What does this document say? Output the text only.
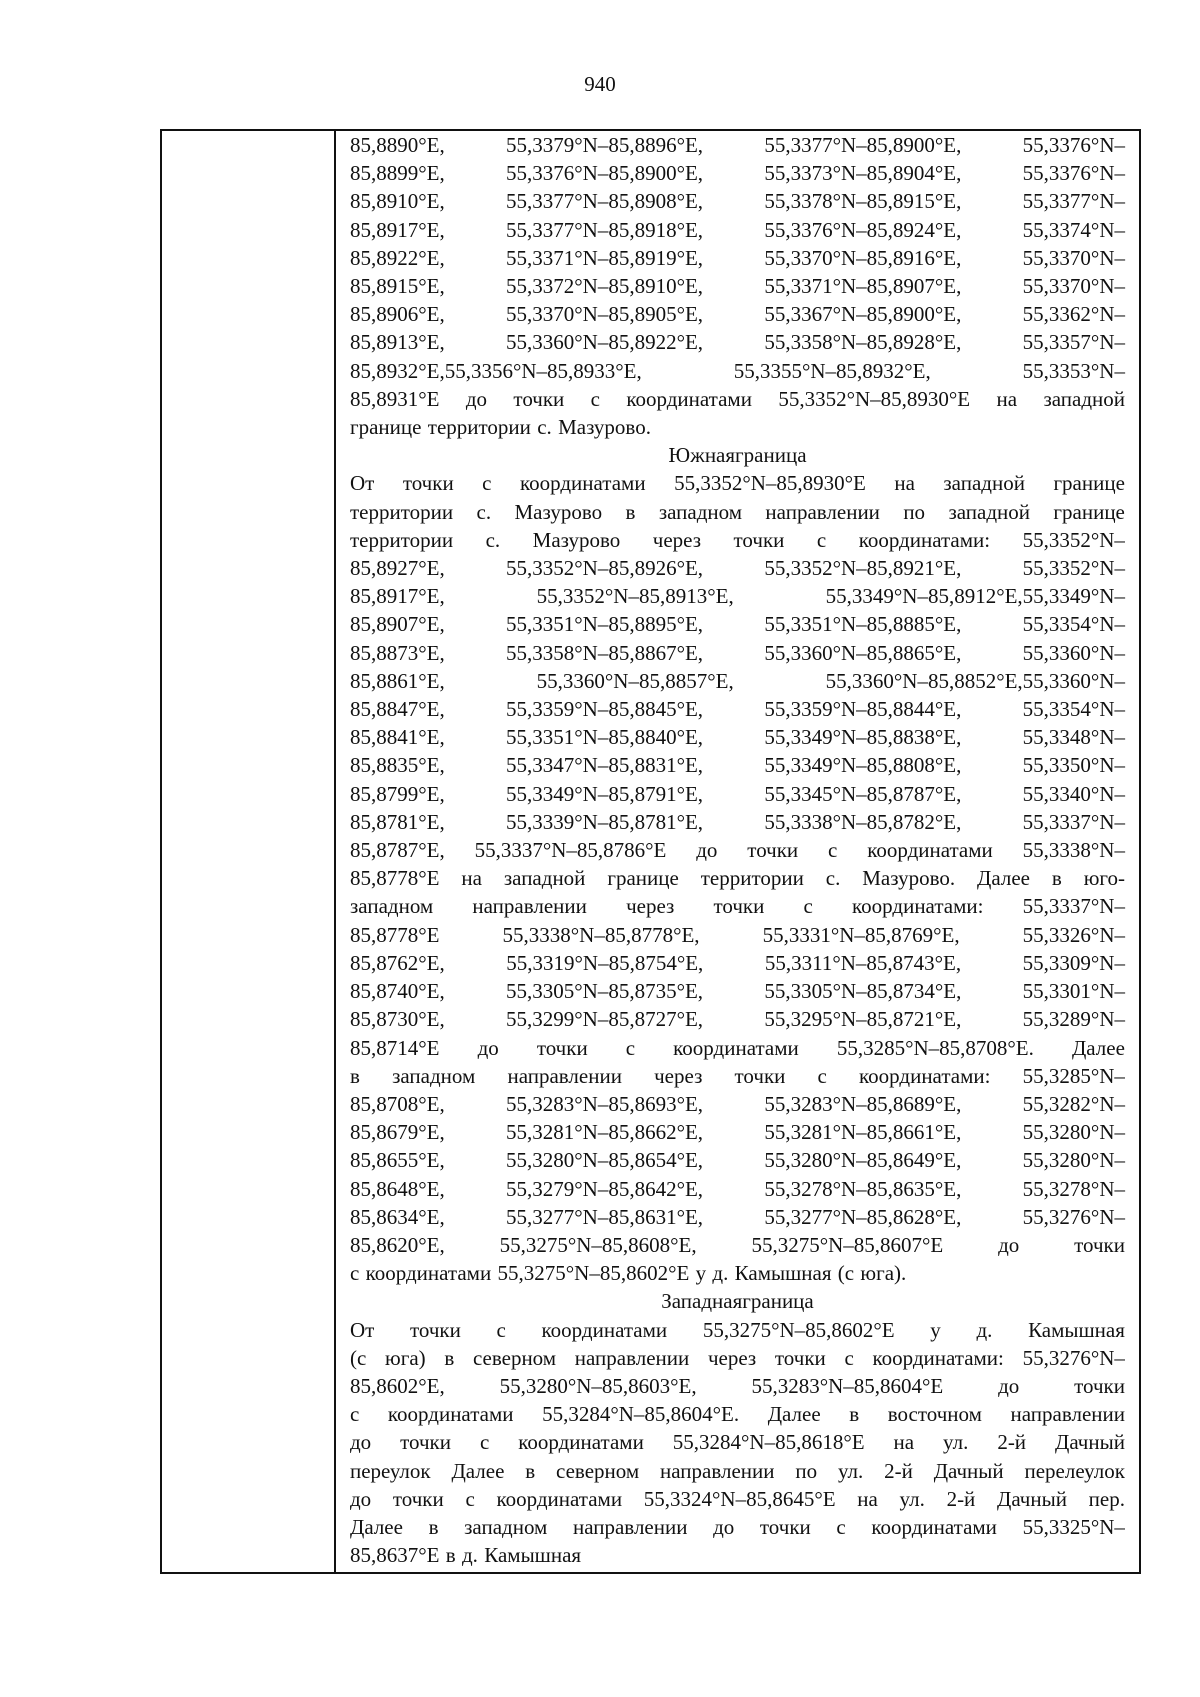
940
85,8890°E,	55,3379°N–85,8896°E,	55,3377°N–85,8900°E,	55,3376°N–
85,8899°E,	55,3376°N–85,8900°E,	55,3373°N–85,8904°E,	55,3376°N–
85,8910°E,	55,3377°N–85,8908°E,	55,3378°N–85,8915°E,	55,3377°N–
85,8917°E,	55,3377°N–85,8918°E,	55,3376°N–85,8924°E,	55,3374°N–
85,8922°E,	55,3371°N–85,8919°E,	55,3370°N–85,8916°E,	55,3370°N–
85,8915°E,	55,3372°N–85,8910°E,	55,3371°N–85,8907°E,	55,3370°N–
85,8906°E,	55,3370°N–85,8905°E,	55,3367°N–85,8900°E,	55,3362°N–
85,8913°E,	55,3360°N–85,8922°E,	55,3358°N–85,8928°E,	55,3357°N–
85,8932°E,55,3356°N–85,8933°E,	55,3355°N–85,8932°E,	55,3353°N–
85,8931°E до точки с координатами 55,3352°N–85,8930°E на западной
границе территории с. Мазурово.
Южная граница
От точки с координатами 55,3352°N–85,8930°E на западной границе
территории с. Мазурово в западном направлении по западной границе
территории с. Мазурово через точки с координатами: 55,3352°N–
85,8927°E,	55,3352°N–85,8926°E,	55,3352°N–85,8921°E,	55,3352°N–
85,8917°E,	55,3352°N–85,8913°E,	55,3349°N–85,8912°E,55,3349°N–
85,8907°E,	55,3351°N–85,8895°E,	55,3351°N–85,8885°E,	55,3354°N–
85,8873°E,	55,3358°N–85,8867°E,	55,3360°N–85,8865°E,	55,3360°N–
85,8861°E,	55,3360°N–85,8857°E,	55,3360°N–85,8852°E,55,3360°N–
85,8847°E,	55,3359°N–85,8845°E,	55,3359°N–85,8844°E,	55,3354°N–
85,8841°E,	55,3351°N–85,8840°E,	55,3349°N–85,8838°E,	55,3348°N–
85,8835°E,	55,3347°N–85,8831°E,	55,3349°N–85,8808°E,	55,3350°N–
85,8799°E,	55,3349°N–85,8791°E,	55,3345°N–85,8787°E,	55,3340°N–
85,8781°E,	55,3339°N–85,8781°E,	55,3338°N–85,8782°E,	55,3337°N–
85,8787°E, 55,3337°N–85,8786°E до точки с координатами 55,3338°N–
85,8778°E на западной границе территории с. Мазурово. Далее в юго-
западном направлении через точки с координатами: 55,3337°N–
85,8778°E	55,3338°N–85,8778°E,	55,3331°N–85,8769°E,	55,3326°N–
85,8762°E,	55,3319°N–85,8754°E,	55,3311°N–85,8743°E,	55,3309°N–
85,8740°E,	55,3305°N–85,8735°E,	55,3305°N–85,8734°E,	55,3301°N–
85,8730°E,	55,3299°N–85,8727°E,	55,3295°N–85,8721°E,	55,3289°N–
85,8714°E до точки с координатами 55,3285°N–85,8708°E. Далее
в западном направлении через точки с координатами: 55,3285°N–
85,8708°E,	55,3283°N–85,8693°E,	55,3283°N–85,8689°E,	55,3282°N–
85,8679°E,	55,3281°N–85,8662°E,	55,3281°N–85,8661°E,	55,3280°N–
85,8655°E,	55,3280°N–85,8654°E,	55,3280°N–85,8649°E,	55,3280°N–
85,8648°E,	55,3279°N–85,8642°E,	55,3278°N–85,8635°E,	55,3278°N–
85,8634°E,	55,3277°N–85,8631°E,	55,3277°N–85,8628°E,	55,3276°N–
85,8620°E,	55,3275°N–85,8608°E,	55,3275°N–85,8607°E	до	точки
с координатами 55,3275°N–85,8602°E у д. Камышная (с юга).
Западная граница
От точки с координатами 55,3275°N–85,8602°E у д. Камышная
(с юга) в северном направлении через точки с координатами: 55,3276°N–
85,8602°E,	55,3280°N–85,8603°E,	55,3283°N–85,8604°E	до	точки
с координатами 55,3284°N–85,8604°E. Далее в восточном направлении
до точки с координатами 55,3284°N–85,8618°E на ул. 2-й Дачный
переулок Далее в северном направлении по ул. 2-й Дачный перелеулок
до точки с координатами 55,3324°N–85,8645°E на ул. 2-й Дачный пер.
Далее в западном направлении до точки с координатами 55,3325°N–
85,8637°E в д. Камышная
